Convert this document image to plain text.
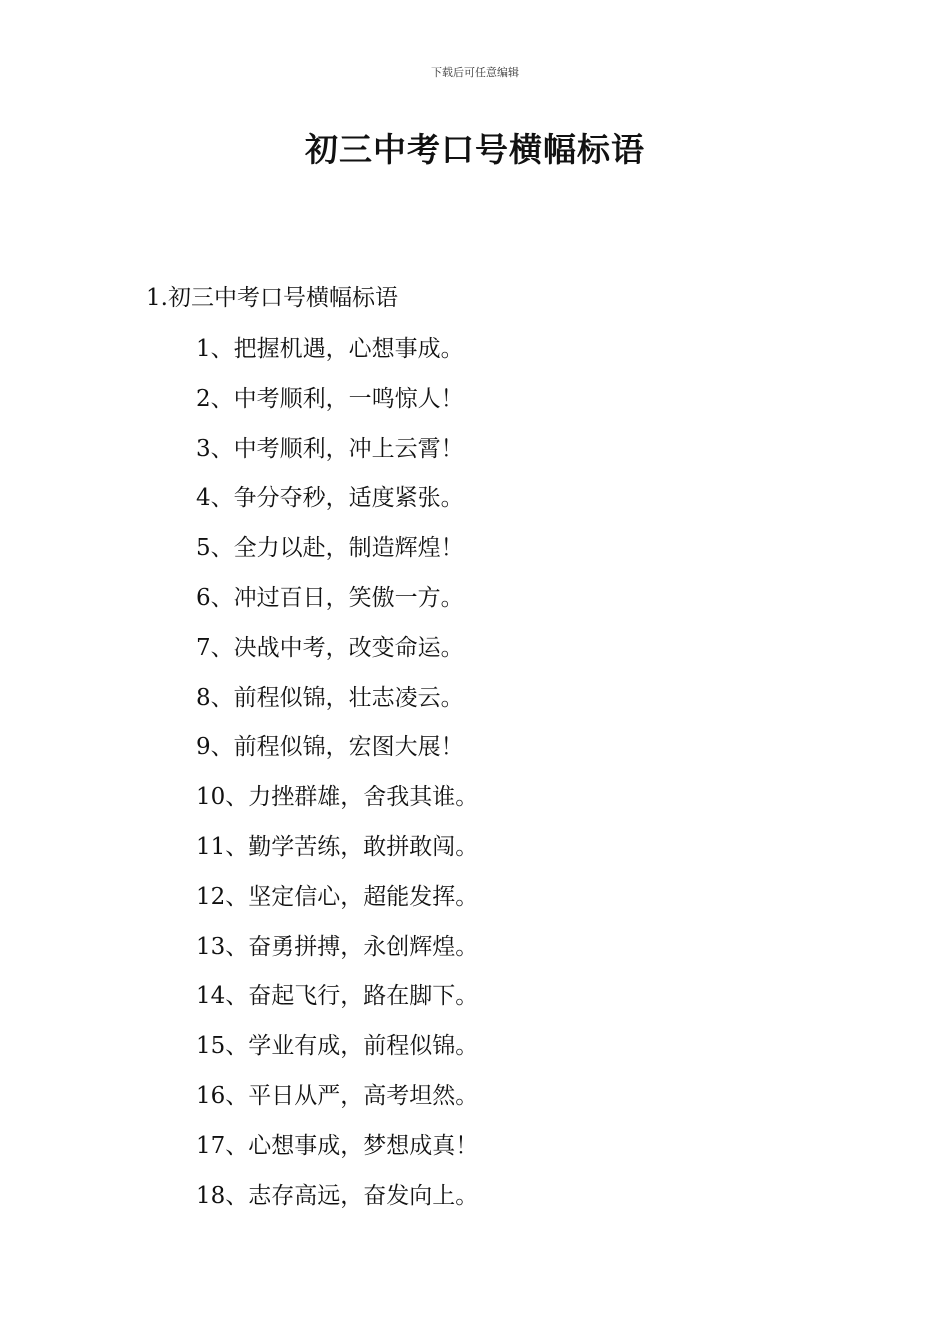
下载后可任意编辑
初三中考口号横幅标语
1.初三中考口号横幅标语
1、把握机遇，心想事成。
2、中考顺利，一鸣惊人！
3、中考顺利，冲上云霄！
4、争分夺秒，适度紧张。
5、全力以赴，制造辉煌！
6、冲过百日，笑傲一方。
7、决战中考，改变命运。
8、前程似锦，壮志凌云。
9、前程似锦，宏图大展！
10、力挫群雄，舍我其谁。
11、勤学苦练，敢拼敢闯。
12、坚定信心，超能发挥。
13、奋勇拼搏，永创辉煌。
14、奋起飞行，路在脚下。
15、学业有成，前程似锦。
16、平日从严，高考坦然。
17、心想事成，梦想成真！
18、志存高远，奋发向上。
